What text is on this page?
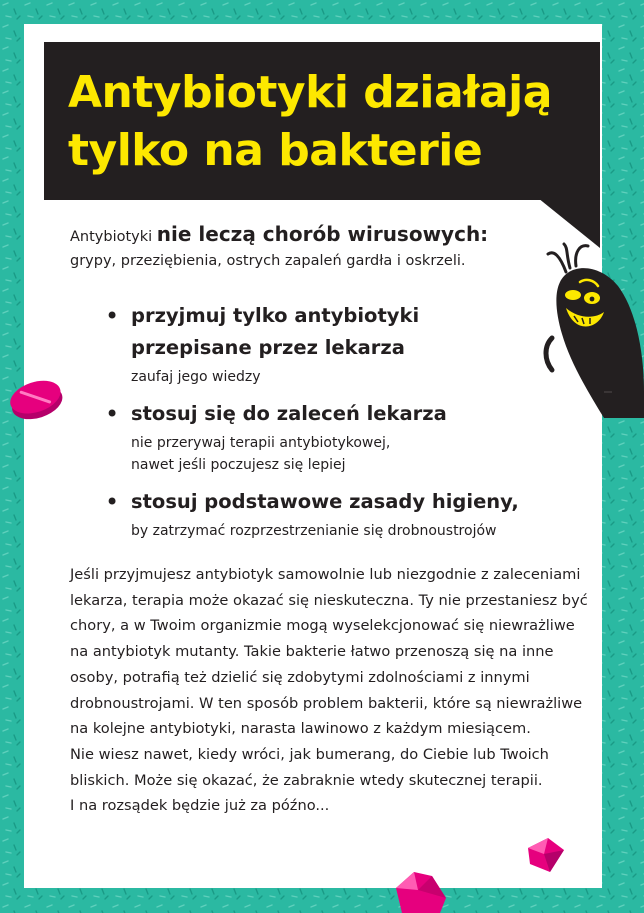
Antybiotyki działają
tylko na bakterie

Antybiotyki nie leczą chorób wirusowych:
grypy, przeziębienia, ostrych zapaleń gardła i oskrzeli.

• przyjmuj tylko antybiotyki
przepisane przez lekarza
zaufaj jego wiedzy
• stosuj się do zaleceń lekarza
nie przerywaj terapii antybiotykowej,
nawet jeśli poczujesz się lepiej
• stosuj podstawowe zasady higieny,
by zatrzymać rozprzestrzenianie się drobnoustrojów

Jeśli przyjmujesz antybiotyk samowolnie lub niezgodnie z zaleceniami
lekarza, terapia może okazać się nieskuteczna. Ty nie przestaniesz być
chory, a w Twoim organizmie mogą wyselekcjonować się niewrażliwe
na antybiotyk mutanty. Takie bakterie łatwo przenoszą się na inne
osoby, potrafią też dzielić się zdobytymi zdolnościami z innymi
drobnoustrojami. W ten sposób problem bakterii, które są niewrażliwe
na kolejne antybiotyki, narasta lawinowo z każdym miesiącem.
Nie wiesz nawet, kiedy wróci, jak bumerang, do Ciebie lub Twoich
bliskich. Może się okazać, że zabraknie wtedy skutecznej terapii.
I na rozsądek będzie już za późno...
